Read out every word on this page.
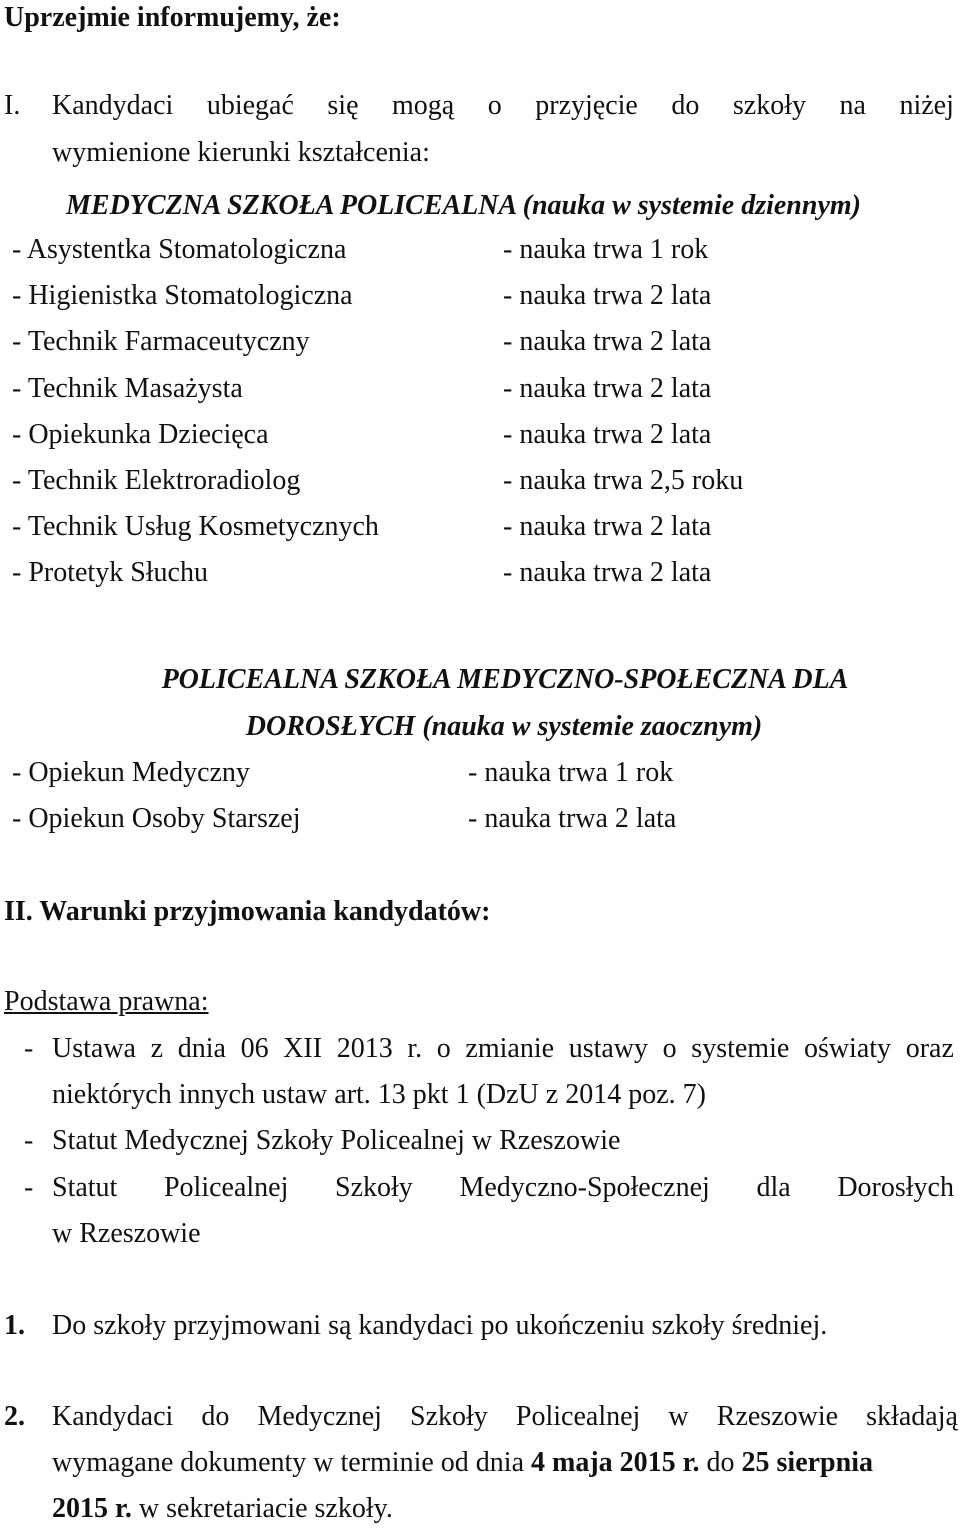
Uprzejmie informujemy, że:
I. Kandydaci ubiegać się mogą o przyjęcie do szkoły na niżej
wymienione kierunki kształcenia:
MEDYCZNA SZKOŁA POLICEALNA (nauka w systemie dziennym)
- Asystentka Stomatologiczna	- nauka trwa 1 rok
- Higienistka Stomatologiczna	- nauka trwa 2 lata
- Technik Farmaceutyczny	- nauka trwa 2 lata
- Technik Masażysta	- nauka trwa 2 lata
- Opiekunka Dziecięca	- nauka trwa 2 lata
- Technik Elektroradiolog	- nauka trwa 2,5 roku
- Technik Usług Kosmetycznych	- nauka trwa 2 lata
- Protetyk Słuchu	- nauka trwa 2 lata
POLICEALNA SZKOŁA MEDYCZNO-SPOŁECZNA DLA
DOROSŁYCH (nauka w systemie zaocznym)
- Opiekun Medyczny	- nauka trwa 1 rok
- Opiekun Osoby Starszej	- nauka trwa 2 lata
II. Warunki przyjmowania kandydatów:
Podstawa prawna:
- Ustawa z dnia 06 XII 2013 r. o zmianie ustawy o systemie oświaty oraz
niektórych innych ustaw art. 13 pkt 1 (DzU z 2014 poz. 7)
- Statut Medycznej Szkoły Policealnej w Rzeszowie
- Statut Policealnej Szkoły Medyczno-Społecznej dla Dorosłych
w Rzeszowie
1. Do szkoły przyjmowani są kandydaci po ukończeniu szkoły średniej.
2. Kandydaci do Medycznej Szkoły Policealnej w Rzeszowie składają
wymagane dokumenty w terminie od dnia 4 maja 2015 r. do 25 sierpnia
2015 r. w sekretariacie szkoły.
